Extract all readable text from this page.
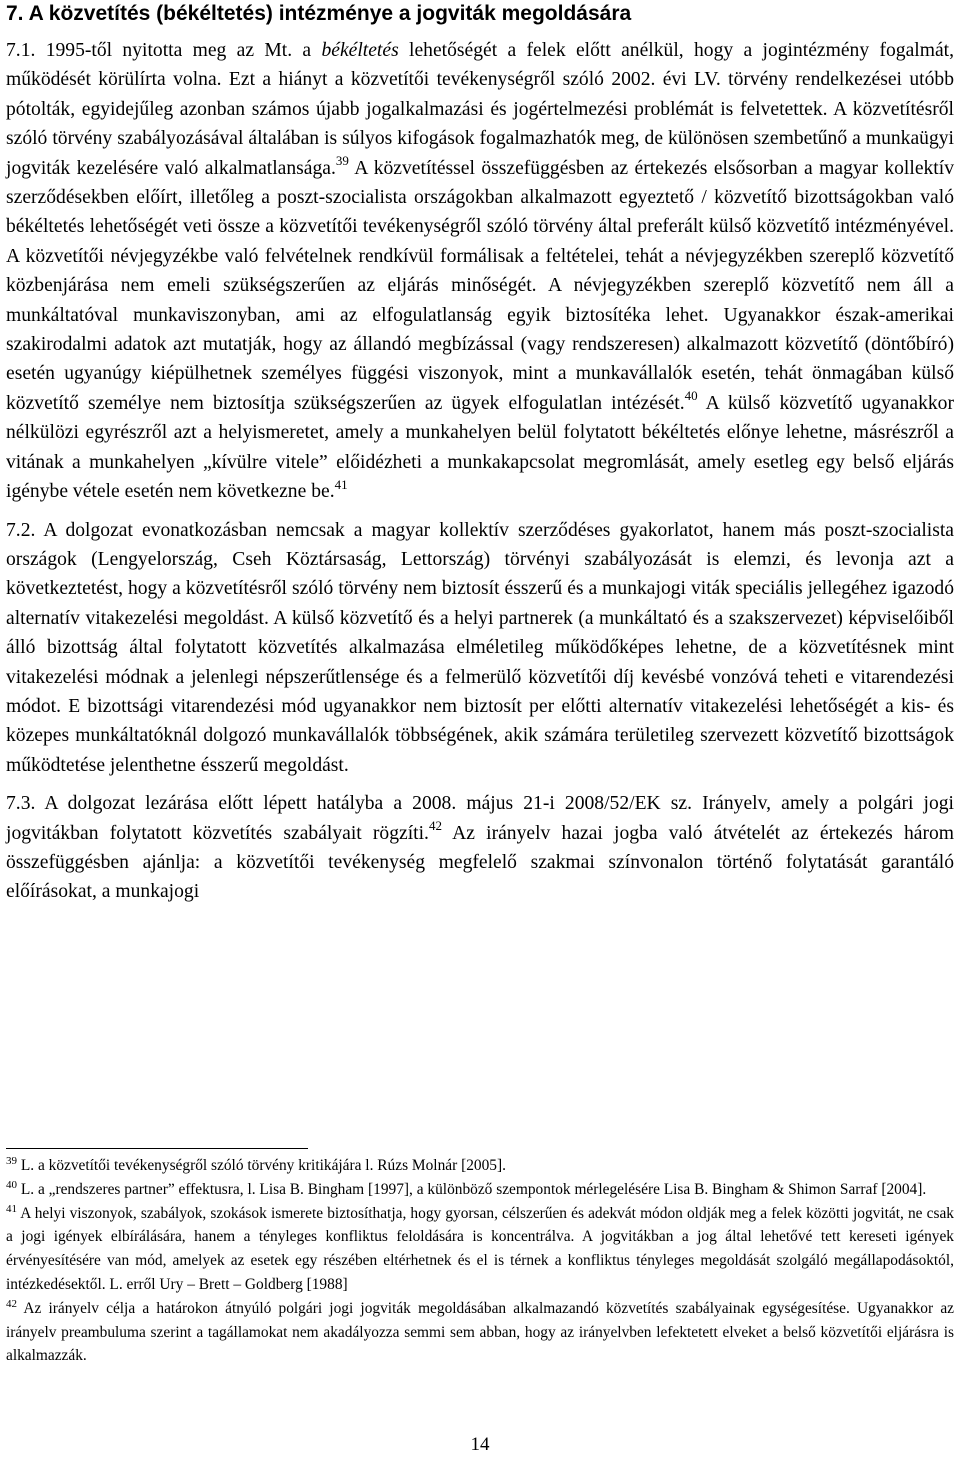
7. A közvetítés (békéltetés) intézménye a jogviták megoldására

7.1. 1995-től nyitotta meg az Mt. a békéltetés lehetőségét a felek előtt anélkül, hogy a jogintézmény fogalmát, működését körülírta volna. Ezt a hiányt a közvetítői tevékenységről szóló 2002. évi LV. törvény rendelkezései utóbb pótolták, egyidejűleg azonban számos újabb jogalkalmazási és jogértelmezési problémát is felvetettek. A közvetítésről szóló törvény szabályozásával általában is súlyos kifogások fogalmazhatók meg, de különösen szembetűnő a munkaügyi jogviták kezelésére való alkalmatlansága.$^{39}$ A közvetítéssel összefüggésben az értekezés elsősorban a magyar kollektív szerződésekben előírt, illetőleg a poszt-szocialista országokban alkalmazott egyeztető / közvetítő bizottságokban való békéltetés lehetőségét veti össze a közvetítői tevékenységről szóló törvény által preferált külső közvetítő intézményével. A közvetítői névjegyzékbe való felvételnek rendkívül formálisak a feltételei, tehát a névjegyzékben szereplő közvetítő közbenjárása nem emeli szükségszerűen az eljárás minőségét. A névjegyzékben szereplő közvetítő nem áll a munkáltatóval munkaviszonyban, ami az elfogulatlanság egyik biztosítéka lehet. Ugyanakkor észak-amerikai szakirodalmi adatok azt mutatják, hogy az állandó megbízással (vagy rendszeresen) alkalmazott közvetítő (döntőbíró) esetén ugyanúgy kiépülhetnek személyes függési viszonyok, mint a munkavállalók esetén, tehát önmagában külső közvetítő személye nem biztosítja szükségszerűen az ügyek elfogulatlan intézését.$^{40}$ A külső közvetítő ugyanakkor nélkülözi egyrészről azt a helyismeretet, amely a munkahelyen belül folytatott békéltetés előnye lehetne, másrészről a vitának a munkahelyen „kívülre vitele” előidézheti a munkakapcsolat megromlását, amely esetleg egy belső eljárás igénybe vétele esetén nem következne be.$^{41}$

7.2. A dolgozat evonatkozásban nemcsak a magyar kollektív szerződéses gyakorlatot, hanem más poszt-szocialista országok (Lengyelország, Cseh Köztársaság, Lettország) törvényi szabályozását is elemzi, és levonja azt a következtetést, hogy a közvetítésről szóló törvény nem biztosít ésszerű és a munkajogi viták speciális jellegéhez igazodó alternatív vitakezelési megoldást. A külső közvetítő és a helyi partnerek (a munkáltató és a szakszervezet) képviselőiből álló bizottság által folytatott közvetítés alkalmazása elméletileg működőképes lehetne, de a közvetítésnek mint vitakezelési módnak a jelenlegi népszerűtlensége és a felmerülő közvetítői díj kevésbé vonzóvá teheti e vitarendezési módot. E bizottsági vitarendezési mód ugyanakkor nem biztosít per előtti alternatív vitakezelési lehetőségét a kis- és közepes munkáltatóknál dolgozó munkavállalók többségének, akik számára területileg szervezett közvetítő bizottságok működtetése jelenthetne ésszerű megoldást.

7.3. A dolgozat lezárása előtt lépett hatályba a 2008. május 21-i 2008/52/EK sz. Irányelv, amely a polgári jogi jogvitákban folytatott közvetítés szabályait rögzíti.$^{42}$ Az irányelv hazai jogba való átvételét az értekezés három összefüggésben ajánlja: a közvetítői tevékenység megfelelő szakmai színvonalon történő folytatását garantáló előírásokat, a munkajogi

$^{39}$ L. a közvetítői tevékenységről szóló törvény kritikájára l. Rúzs Molnár [2005].

$^{40}$ L. a „rendszeres partner” effektusra, l. Lisa B. Bingham [1997], a különböző szempontok mérlegelésére Lisa B. Bingham & Shimon Sarraf [2004].

$^{41}$ A helyi viszonyok, szabályok, szokások ismerete biztosíthatja, hogy gyorsan, célszerűen és adekvát módon oldják meg a felek közötti jogvitát, ne csak a jogi igények elbírálására, hanem a tényleges konfliktus feloldására is koncentrálva. A jogvitákban a jog által lehetővé tett kereseti igények érvényesítésére van mód, amelyek az esetek egy részében eltérhetnek és el is térnek a konfliktus tényleges megoldását szolgáló megállapodásoktól, intézkedésektől. L. erről Ury – Brett – Goldberg [1988]

$^{42}$ Az irányelv célja a határokon átnyúló polgári jogi jogviták megoldásában alkalmazandó közvetítés szabályainak egységesítése. Ugyanakkor az irányelv preambuluma szerint a tagállamokat nem akadályozza semmi sem abban, hogy az irányelvben lefektetett elveket a belső közvetítői eljárásra is alkalmazzák.

14
